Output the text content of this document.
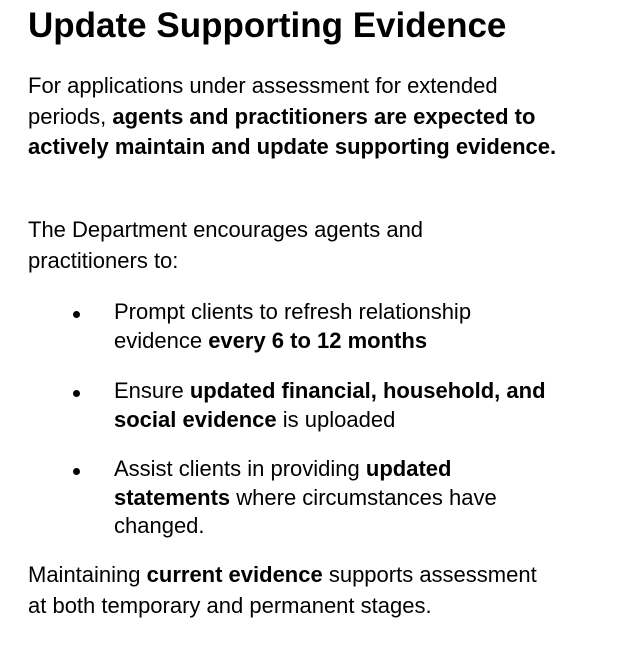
Update Supporting Evidence

For applications under assessment for extended periods, agents and practitioners are expected to actively maintain and update supporting evidence.

The Department encourages agents and practitioners to:

Prompt clients to refresh relationship evidence every 6 to 12 months
Ensure updated financial, household, and social evidence is uploaded
Assist clients in providing updated statements where circumstances have changed.

Maintaining current evidence supports assessment at both temporary and permanent stages.
